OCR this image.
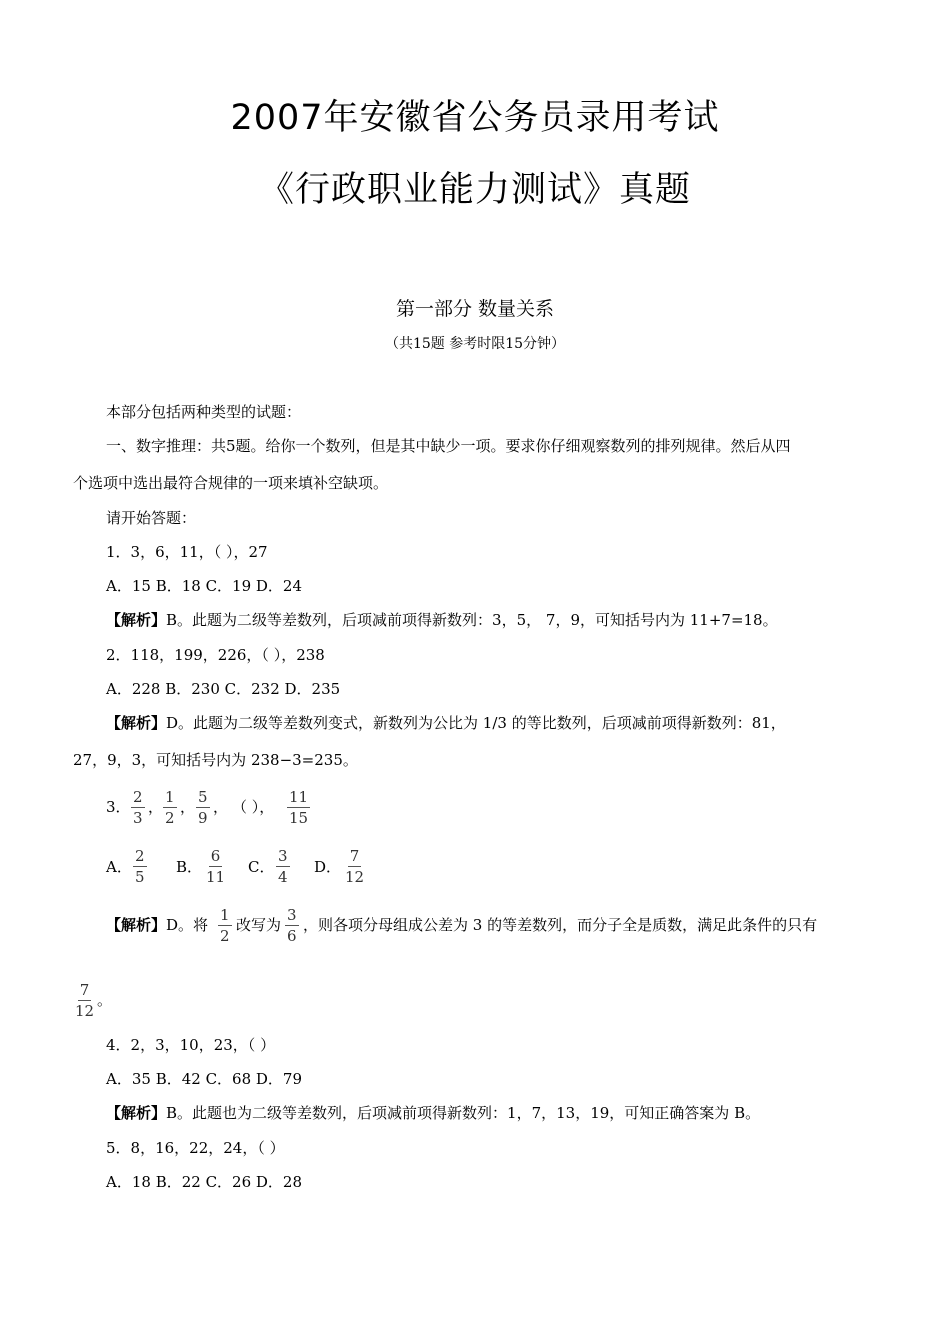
2007年安徽省公务员录用考试
《行政职业能力测试》真题
第一部分 数量关系
（共15题 参考时限15分钟）
本部分包括两种类型的试题：
一、数字推理：共5题。给你一个数列，但是其中缺少一项。要求你仔细观察数列的排列规律。然后从四
个选项中选出最符合规律的一项来填补空缺项。
请开始答题：
1．3，6，11，（ ），27
A．15 B．18 C．19 D．24
【解析】B。此题为二级等差数列，后项减前项得新数列：3，5， 7，9，可知括号内为 11+7=18。
2．118，199，226，（ ），238
A．228 B．230 C．232 D．235
【解析】D。此题为二级等差数列变式，新数列为公比为 1/3 的等比数列，后项减前项得新数列：81，
27，9，3，可知括号内为 238−3=235。
3． $\frac{2}{3}$ ， $\frac{1}{2}$ ， $\frac{5}{9}$ ， （ ）， $\frac{11}{15}$
A． $\frac{2}{5}$ B． $\frac{6}{11}$ C． $\frac{3}{4}$ D． $\frac{7}{12}$
【解析】D。将 $\frac{1}{2}$ 改写为 $\frac{3}{6}$ ，则各项分母组成公差为 3 的等差数列，而分子全是质数，满足此条件的只有
$\frac{7}{12}$ 。
4．2，3，10，23，（ ）
A．35 B．42 C．68 D．79
【解析】B。此题也为二级等差数列，后项减前项得新数列：1，7，13，19，可知正确答案为 B。
5．8，16，22，24，（ ）
A．18 B．22 C．26 D．28
